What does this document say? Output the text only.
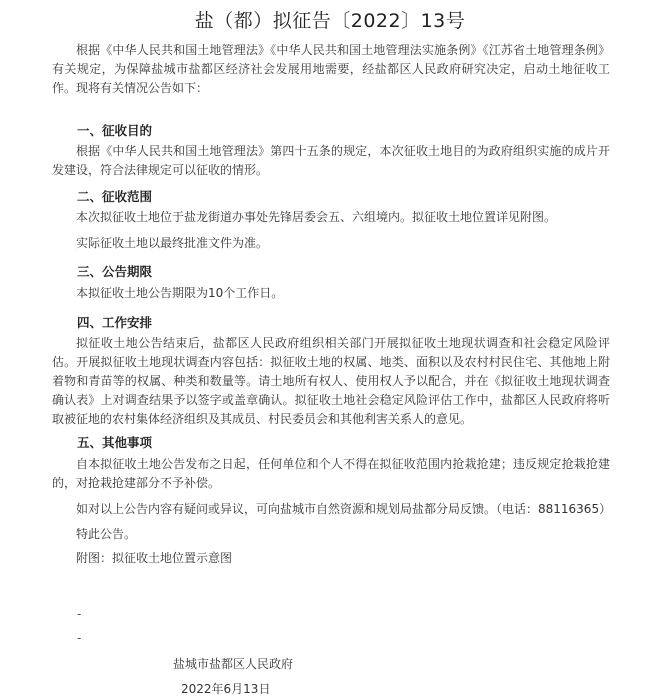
盐（都）拟征告〔2022〕13号
根据《中华人民共和国土地管理法》《中华人民共和国土地管理法实施条例》《江苏省土地管理条例》有关规定，为保障盐城市盐都区经济社会发展用地需要，经盐都区人民政府研究决定，启动土地征收工作。现将有关情况公告如下：
一、征收目的
根据《中华人民共和国土地管理法》第四十五条的规定，本次征收土地目的为政府组织实施的成片开发建设，符合法律规定可以征收的情形。
二、征收范围
本次拟征收土地位于盐龙街道办事处先锋居委会五、六组境内。拟征收土地位置详见附图。
实际征收土地以最终批准文件为准。
三、公告期限
本拟征收土地公告期限为10个工作日。
四、工作安排
拟征收土地公告结束后，盐都区人民政府组织相关部门开展拟征收土地现状调查和社会稳定风险评估。开展拟征收土地现状调查内容包括：拟征收土地的权属、地类、面积以及农村村民住宅、其他地上附着物和青苗等的权属、种类和数量等。请土地所有权人、使用权人予以配合，并在《拟征收土地现状调查确认表》上对调查结果予以签字或盖章确认。拟征收土地社会稳定风险评估工作中，盐都区人民政府将听取被征地的农村集体经济组织及其成员、村民委员会和其他利害关系人的意见。
五、其他事项
自本拟征收土地公告发布之日起，任何单位和个人不得在拟征收范围内抢栽抢建；违反规定抢栽抢建的，对抢栽抢建部分不予补偿。
如对以上公告内容有疑问或异议，可向盐城市自然资源和规划局盐都分局反馈。（电话：88116365）
特此公告。
附图：拟征收土地位置示意图
-
-
盐城市盐都区人民政府
2022年6月13日
